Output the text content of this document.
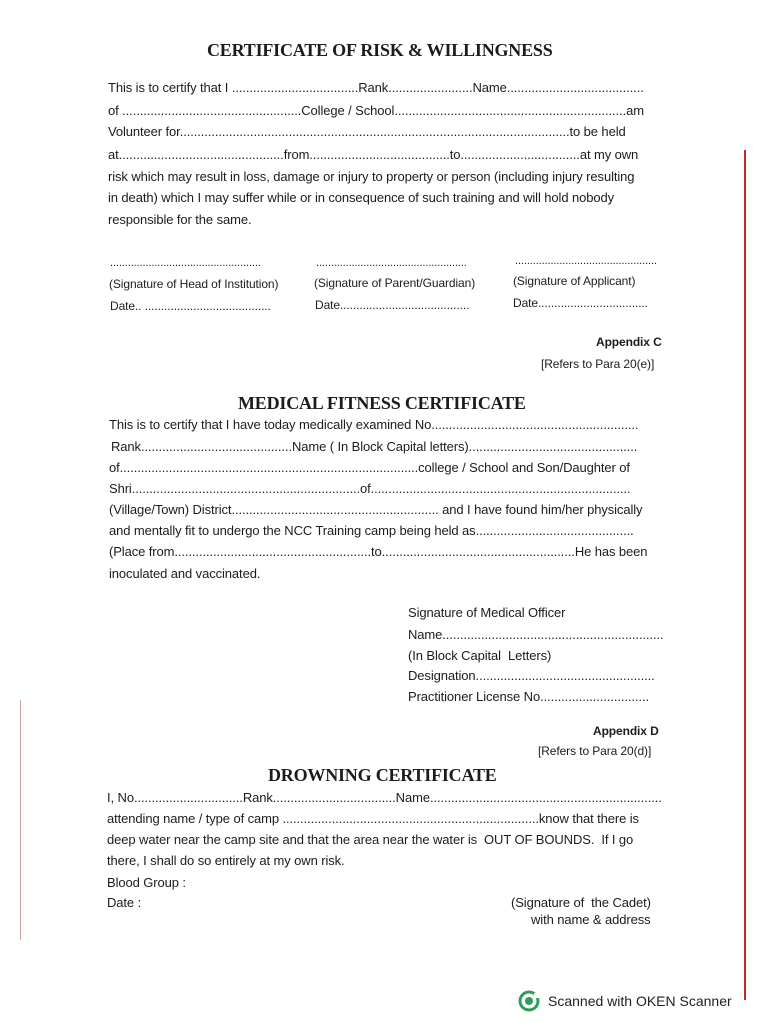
CERTIFICATE OF RISK & WILLINGNESS
This is to certify that I ....................................Rank........................Name.......................................
of ...................................................College / School..................................................................am
Volunteer for...............................................................................................................to be held
at...............................................from........................................to..................................at my own
risk which may result in loss, damage or injury to property or person (including injury resulting
in death) which I may suffer while or in consequence of such training and will hold nobody
responsible for the same.
...................................................	...................................................	................................................
(Signature of Head of Institution)	(Signature of Parent/Guardian)	(Signature of Applicant)
Date.. .......................................	Date........................................	Date..................................
Appendix C
[Refers to Para 20(e)]
MEDICAL FITNESS CERTIFICATE
This is to certify that I have today medically examined No...........................................................
Rank...........................................Name ( In Block Capital letters)................................................
of.....................................................................................college / School and Son/Daughter of
Shri.................................................................of..........................................................................
(Village/Town) District........................................................... and I have found him/her physically
and mentally fit to undergo the NCC Training camp being held as.............................................
(Place from........................................................to.......................................................He has been
inoculated and vaccinated.
Signature of Medical Officer
Name...............................................................
(In Block Capital  Letters)
Designation...................................................
Practitioner License No...............................
Appendix D
[Refers to Para 20(d)]
DROWNING CERTIFICATE
I, No...............................Rank...................................Name..................................................................
attending name / type of camp .........................................................................know that there is
deep water near the camp site and that the area near the water is  OUT OF BOUNDS.  If I go
there, I shall do so entirely at my own risk.
Blood Group :
Date :	(Signature of  the Cadet)
with name & address
Scanned with OKEN Scanner
